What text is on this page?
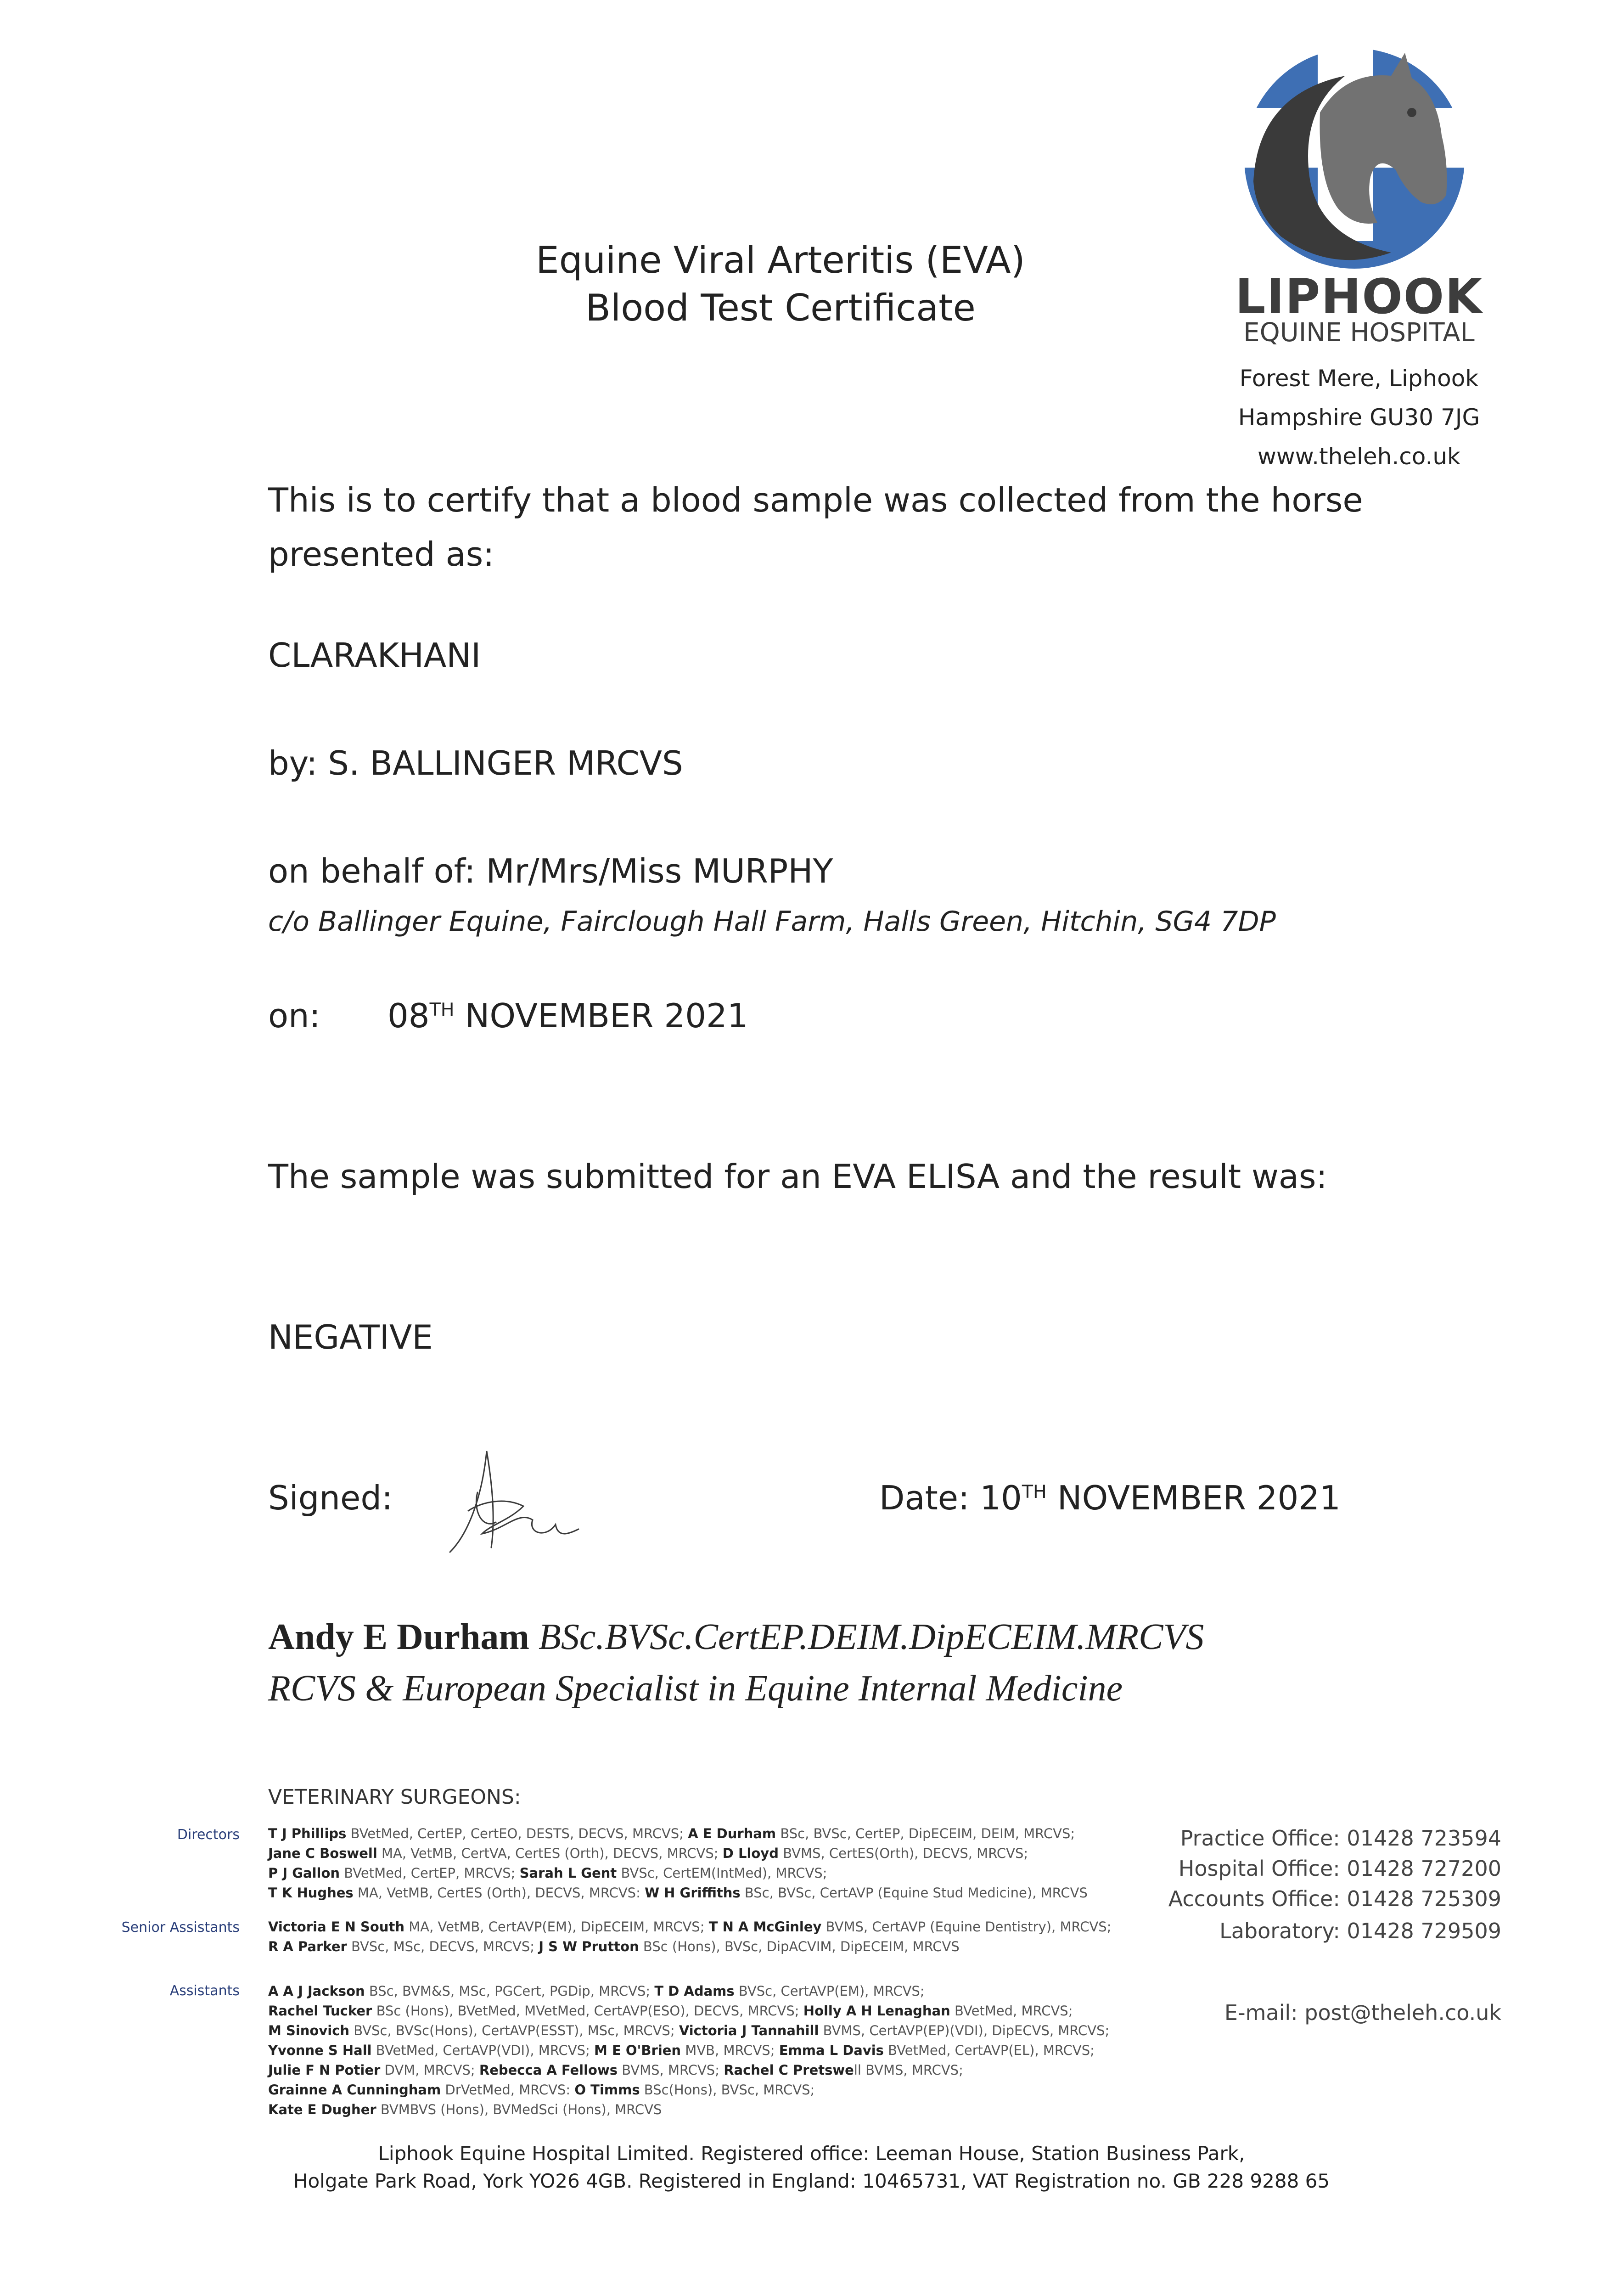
LIPHOOK
EQUINE HOSPITAL
Forest Mere, Liphook
Hampshire GU30 7JG
www.theleh.co.uk
Equine Viral Arteritis (EVA)
Blood Test Certificate
This is to certify that a blood sample was collected from the horse
presented as:
CLARAKHANI
by: S. BALLINGER MRCVS
on behalf of: Mr/Mrs/Miss MURPHY
c/o Ballinger Equine, Fairclough Hall Farm, Halls Green, Hitchin, SG4 7DP
on: 08TH NOVEMBER 2021
The sample was submitted for an EVA ELISA and the result was:
NEGATIVE
Signed:	Date: 10TH NOVEMBER 2021
Andy E Durham BSc.BVSc.CertEP.DEIM.DipECEIM.MRCVS
RCVS & European Specialist in Equine Internal Medicine
VETERINARY SURGEONS:
Directors T J Phillips BVetMed, CertEP, CertEO, DESTS, DECVS, MRCVS; A E Durham BSc, BVSc, CertEP, DipECEIM, DEIM, MRCVS;
Jane C Boswell MA, VetMB, CertVA, CertES (Orth), DECVS, MRCVS; D Lloyd BVMS, CertES(Orth), DECVS, MRCVS;
P J Gallon BVetMed, CertEP, MRCVS; Sarah L Gent BVSc, CertEM(IntMed), MRCVS;
T K Hughes MA, VetMB, CertES (Orth), DECVS, MRCVS: W H Griffiths BSc, BVSc, CertAVP (Equine Stud Medicine), MRCVS
Senior Assistants Victoria E N South MA, VetMB, CertAVP(EM), DipECEIM, MRCVS; T N A McGinley BVMS, CertAVP (Equine Dentistry), MRCVS;
R A Parker BVSc, MSc, DECVS, MRCVS; J S W Prutton BSc (Hons), BVSc, DipACVIM, DipECEIM, MRCVS
Assistants A A J Jackson BSc, BVM&S, MSc, PGCert, PGDip, MRCVS; T D Adams BVSc, CertAVP(EM), MRCVS;
Rachel Tucker BSc (Hons), BVetMed, MVetMed, CertAVP(ESO), DECVS, MRCVS; Holly A H Lenaghan BVetMed, MRCVS;
M Sinovich BVSc, BVSc(Hons), CertAVP(ESST), MSc, MRCVS; Victoria J Tannahill BVMS, CertAVP(EP)(VDI), DipECVS, MRCVS;
Yvonne S Hall BVetMed, CertAVP(VDI), MRCVS; M E O'Brien MVB, MRCVS; Emma L Davis BVetMed, CertAVP(EL), MRCVS;
Julie F N Potier DVM, MRCVS; Rebecca A Fellows BVMS, MRCVS; Rachel C Pretswell BVMS, MRCVS;
Grainne A Cunningham DrVetMed, MRCVS: O Timms BSc(Hons), BVSc, MRCVS;
Kate E Dugher BVMBVS (Hons), BVMedSci (Hons), MRCVS
Practice Office: 01428 723594
Hospital Office: 01428 727200
Accounts Office: 01428 725309
Laboratory: 01428 729509
E-mail: post@theleh.co.uk
Liphook Equine Hospital Limited. Registered office: Leeman House, Station Business Park,
Holgate Park Road, York YO26 4GB. Registered in England: 10465731, VAT Registration no. GB 228 9288 65
